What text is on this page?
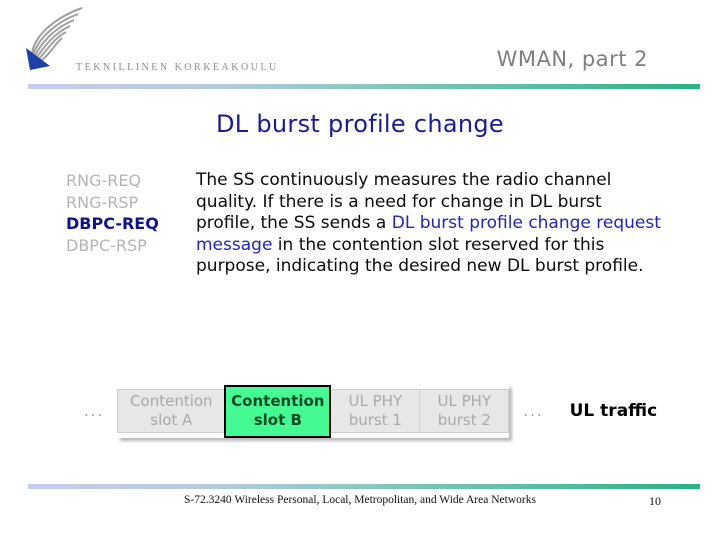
TEKNILLINEN KORKEAKOULU	WMAN, part 2
DL burst profile change
RNG-REQ
RNG-RSP
DBPC-REQ
DBPC-RSP

The SS continuously measures the radio channel quality. If there is a need for change in DL burst profile, the SS sends a DL burst profile change request message in the contention slot reserved for this purpose, indicating the desired new DL burst profile.

...
Contention
slot A
Contention
slot B
UL PHY
burst 1
UL PHY
burst 2	... UL traffic
S-72.3240 Wireless Personal, Local, Metropolitan, and Wide Area Networks	10
